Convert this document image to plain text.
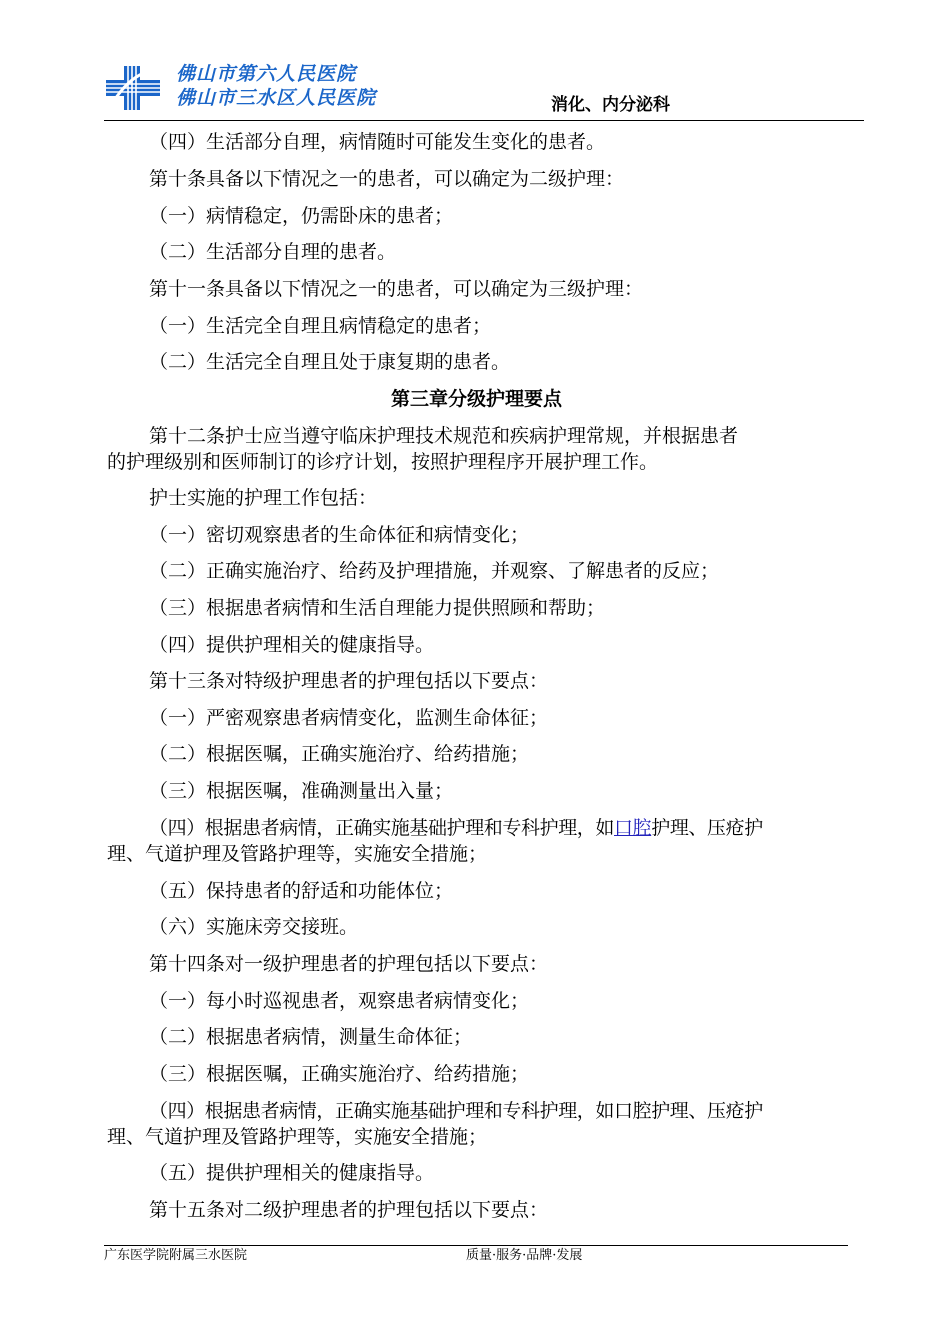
佛山市第六人民医院
佛山市三水区人民医院	消化、内分泌科
（四）生活部分自理，病情随时可能发生变化的患者。
第十条具备以下情况之一的患者，可以确定为二级护理：
（一）病情稳定，仍需卧床的患者；
（二）生活部分自理的患者。
第十一条具备以下情况之一的患者，可以确定为三级护理：
（一）生活完全自理且病情稳定的患者；
（二）生活完全自理且处于康复期的患者。
第三章分级护理要点
第十二条护士应当遵守临床护理技术规范和疾病护理常规，并根据患者
的护理级别和医师制订的诊疗计划，按照护理程序开展护理工作。
护士实施的护理工作包括：
（一）密切观察患者的生命体征和病情变化；
（二）正确实施治疗、给药及护理措施，并观察、了解患者的反应；
（三）根据患者病情和生活自理能力提供照顾和帮助；
（四）提供护理相关的健康指导。
第十三条对特级护理患者的护理包括以下要点：
（一）严密观察患者病情变化，监测生命体征；
（二）根据医嘱，正确实施治疗、给药措施；
（三）根据医嘱，准确测量出入量；
（四）根据患者病情，正确实施基础护理和专科护理，如口腔护理、压疮护
理、气道护理及管路护理等，实施安全措施；
（五）保持患者的舒适和功能体位；
（六）实施床旁交接班。
第十四条对一级护理患者的护理包括以下要点：
（一）每小时巡视患者，观察患者病情变化；
（二）根据患者病情，测量生命体征；
（三）根据医嘱，正确实施治疗、给药措施；
（四）根据患者病情，正确实施基础护理和专科护理，如口腔护理、压疮护
理、气道护理及管路护理等，实施安全措施；
（五）提供护理相关的健康指导。
第十五条对二级护理患者的护理包括以下要点：
广东医学院附属三水医院	质量·服务·品牌·发展
